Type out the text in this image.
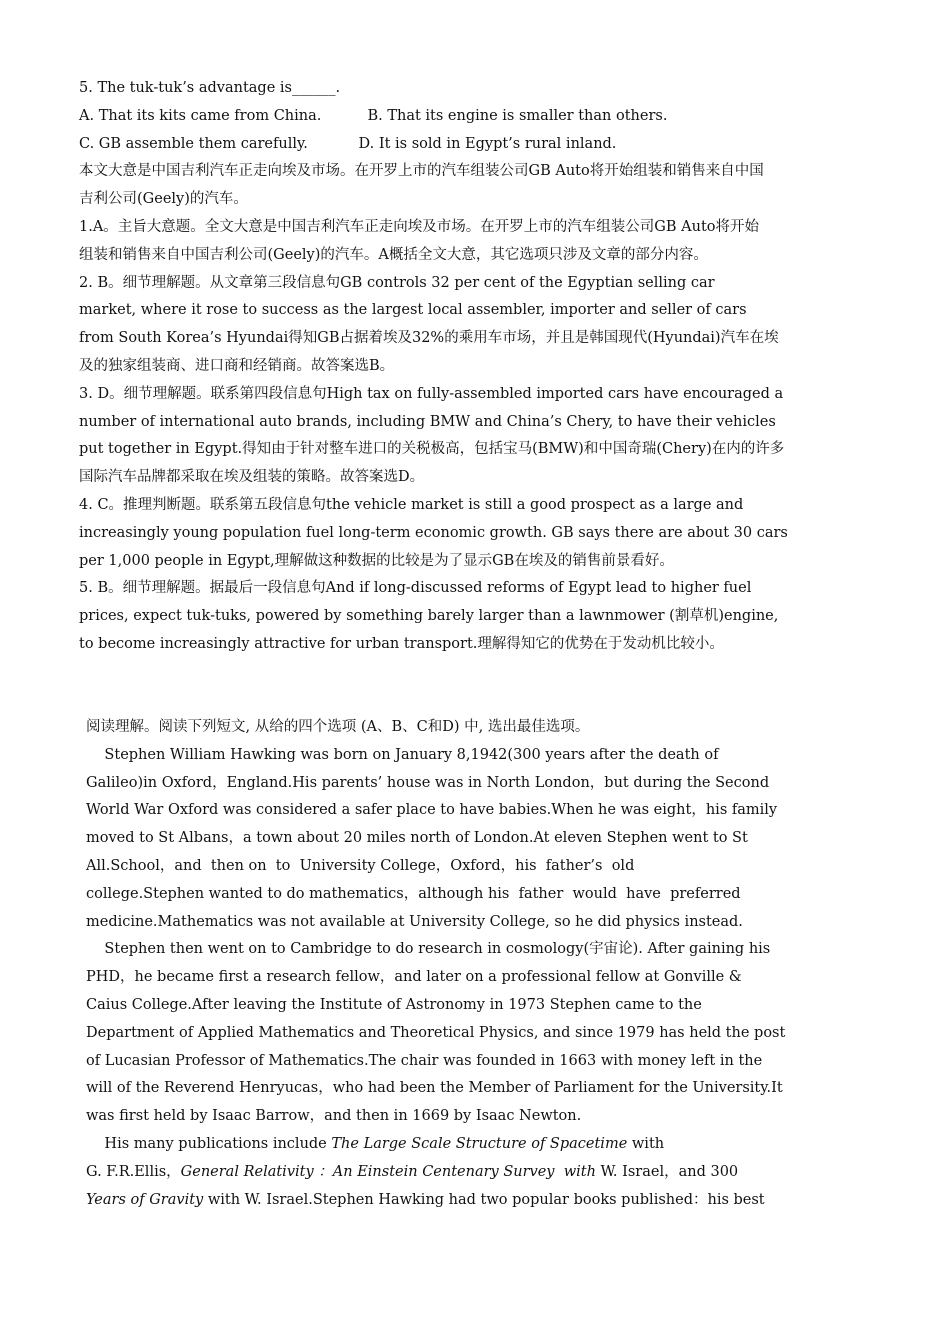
5. The tuk-tuk’s advantage is______.
A. That its kits came from China.          B. That its engine is smaller than others.
C. GB assemble them carefully.           D. It is sold in Egypt’s rural inland.
本文大意是中国吉利汽车正走向埃及市场。在开罗上市的汽车组装公司GB Auto将开始组装和销售来自中国
吉利公司(Geely)的汽车。
1.A。主旨大意题。全文大意是中国吉利汽车正走向埃及市场。在开罗上市的汽车组装公司GB Auto将开始
组装和销售来自中国吉利公司(Geely)的汽车。A概括全文大意，其它选项只涉及文章的部分内容。
2. B。细节理解题。从文章第三段信息句GB controls 32 per cent of the Egyptian selling car
market, where it rose to success as the largest local assembler, importer and seller of cars
from South Korea’s Hyundai得知GB占据着埃及32%的乘用车市场，并且是韩国现代(Hyundai)汽车在埃
及的独家组装商、进口商和经销商。故答案选B。
3. D。细节理解题。联系第四段信息句High tax on fully-assembled imported cars have encouraged a
number of international auto brands, including BMW and China’s Chery, to have their vehicles
put together in Egypt.得知由于针对整车进口的关税极高，包括宝马(BMW)和中国奇瑞(Chery)在内的许多
国际汽车品牌都采取在埃及组装的策略。故答案选D。
4. C。推理判断题。联系第五段信息句the vehicle market is still a good prospect as a large and
increasingly young population fuel long-term economic growth. GB says there are about 30 cars
per 1,000 people in Egypt,理解做这种数据的比较是为了显示GB在埃及的销售前景看好。
5. B。细节理解题。据最后一段信息句And if long-discussed reforms of Egypt lead to higher fuel
prices, expect tuk-tuks, powered by something barely larger than a lawnmower (割草机)engine,
to become increasingly attractive for urban transport.理解得知它的优势在于发动机比较小。
阅读理解。阅读下列短文, 从给的四个选项 (A、B、C和D) 中, 选出最佳选项。
Stephen William Hawking was born on January 8,1942(300 years after the death of
Galileo)in Oxford，England.His parents’ house was in North London，but during the Second
World War Oxford was considered a safer place to have babies.When he was eight，his family
moved to St Albans，a town about 20 miles north of London.At eleven Stephen went to St
All.School，and  then on  to  University College，Oxford，his  father’s  old
college.Stephen wanted to do mathematics，although his  father  would  have  preferred
medicine.Mathematics was not available at University College, so he did physics instead.
Stephen then went on to Cambridge to do research in cosmology(宇宙论). After gaining his
PHD，he became first a research fellow，and later on a professional fellow at Gonville &
Caius College.After leaving the Institute of Astronomy in 1973 Stephen came to the
Department of Applied Mathematics and Theoretical Physics, and since 1979 has held the post
of Lucasian Professor of Mathematics.The chair was founded in 1663 with money left in the
will of the Reverend Henryucas，who had been the Member of Parliament for the University.It
was first held by Isaac Barrow，and then in 1669 by Isaac Newton.
His many publications include The Large Scale Structure of Spacetime with
G. F.R.Ellis，General Relativity ：An Einstein Centenary Survey  with W. Israel，and 300
Years of Gravity with W. Israel.Stephen Hawking had two popular books published：his best
